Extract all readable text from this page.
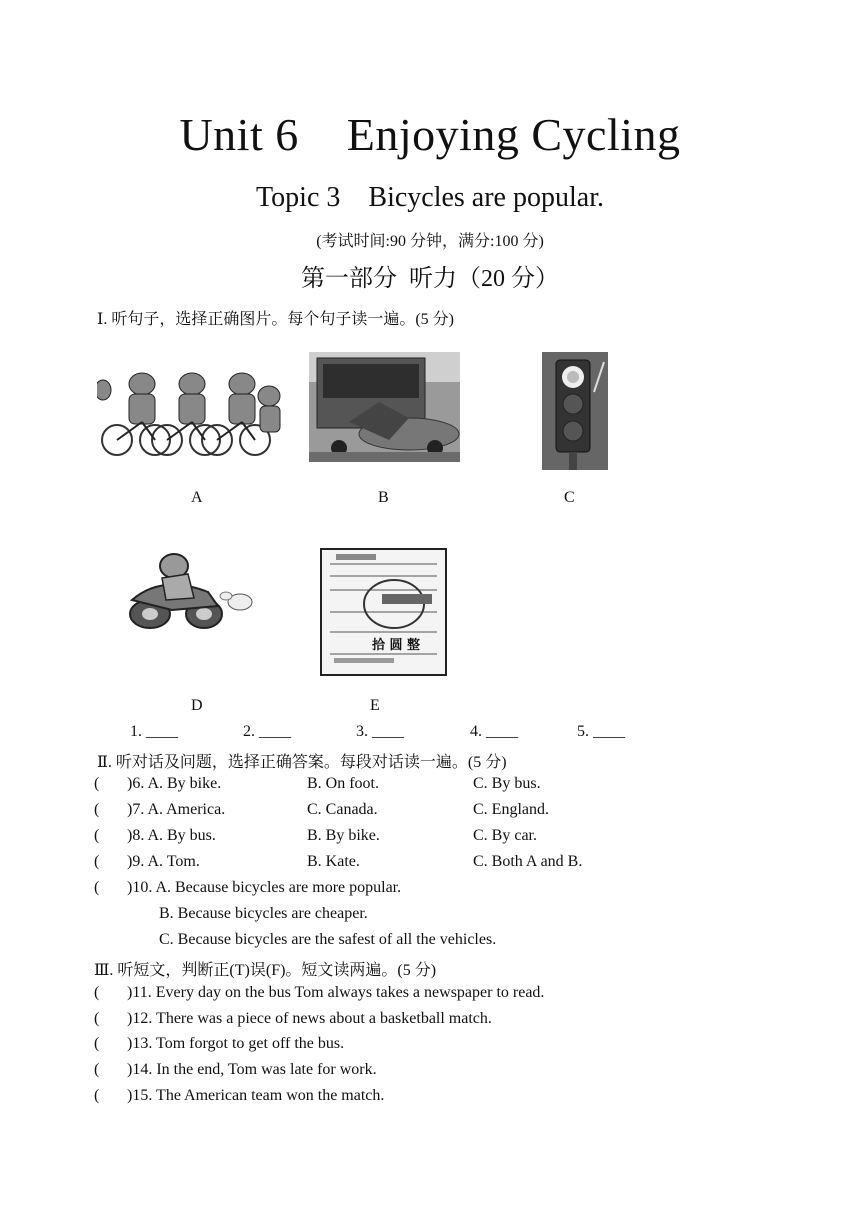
Unit 6    Enjoying Cycling
Topic 3    Bicycles are popular.
(考试时间:90 分钟，满分:100 分)
第一部分  听力（20 分）
Ⅰ. 听句子，选择正确图片。每个句子读一遍。(5 分)
A	B	C
拾 圆 整
D	E
1. ____	2. ____	3. ____	4. ____	5. ____
Ⅱ. 听对话及问题，选择正确答案。每段对话读一遍。(5 分)
( )6. A. By bike.	B. On foot.	C. By bus.
( )7. A. America.	C. Canada.	C. England.
( )8. A. By bus.	B. By bike.	C. By car.
( )9. A. Tom.	B. Kate.	C. Both A and B.
( )10. A. Because bicycles are more popular.
B. Because bicycles are cheaper.
C. Because bicycles are the safest of all the vehicles.
Ⅲ. 听短文，判断正(T)误(F)。短文读两遍。(5 分)
( )11. Every day on the bus Tom always takes a newspaper to read.
( )12. There was a piece of news about a basketball match.
( )13. Tom forgot to get off the bus.
( )14. In the end, Tom was late for work.
( )15. The American team won the match.
